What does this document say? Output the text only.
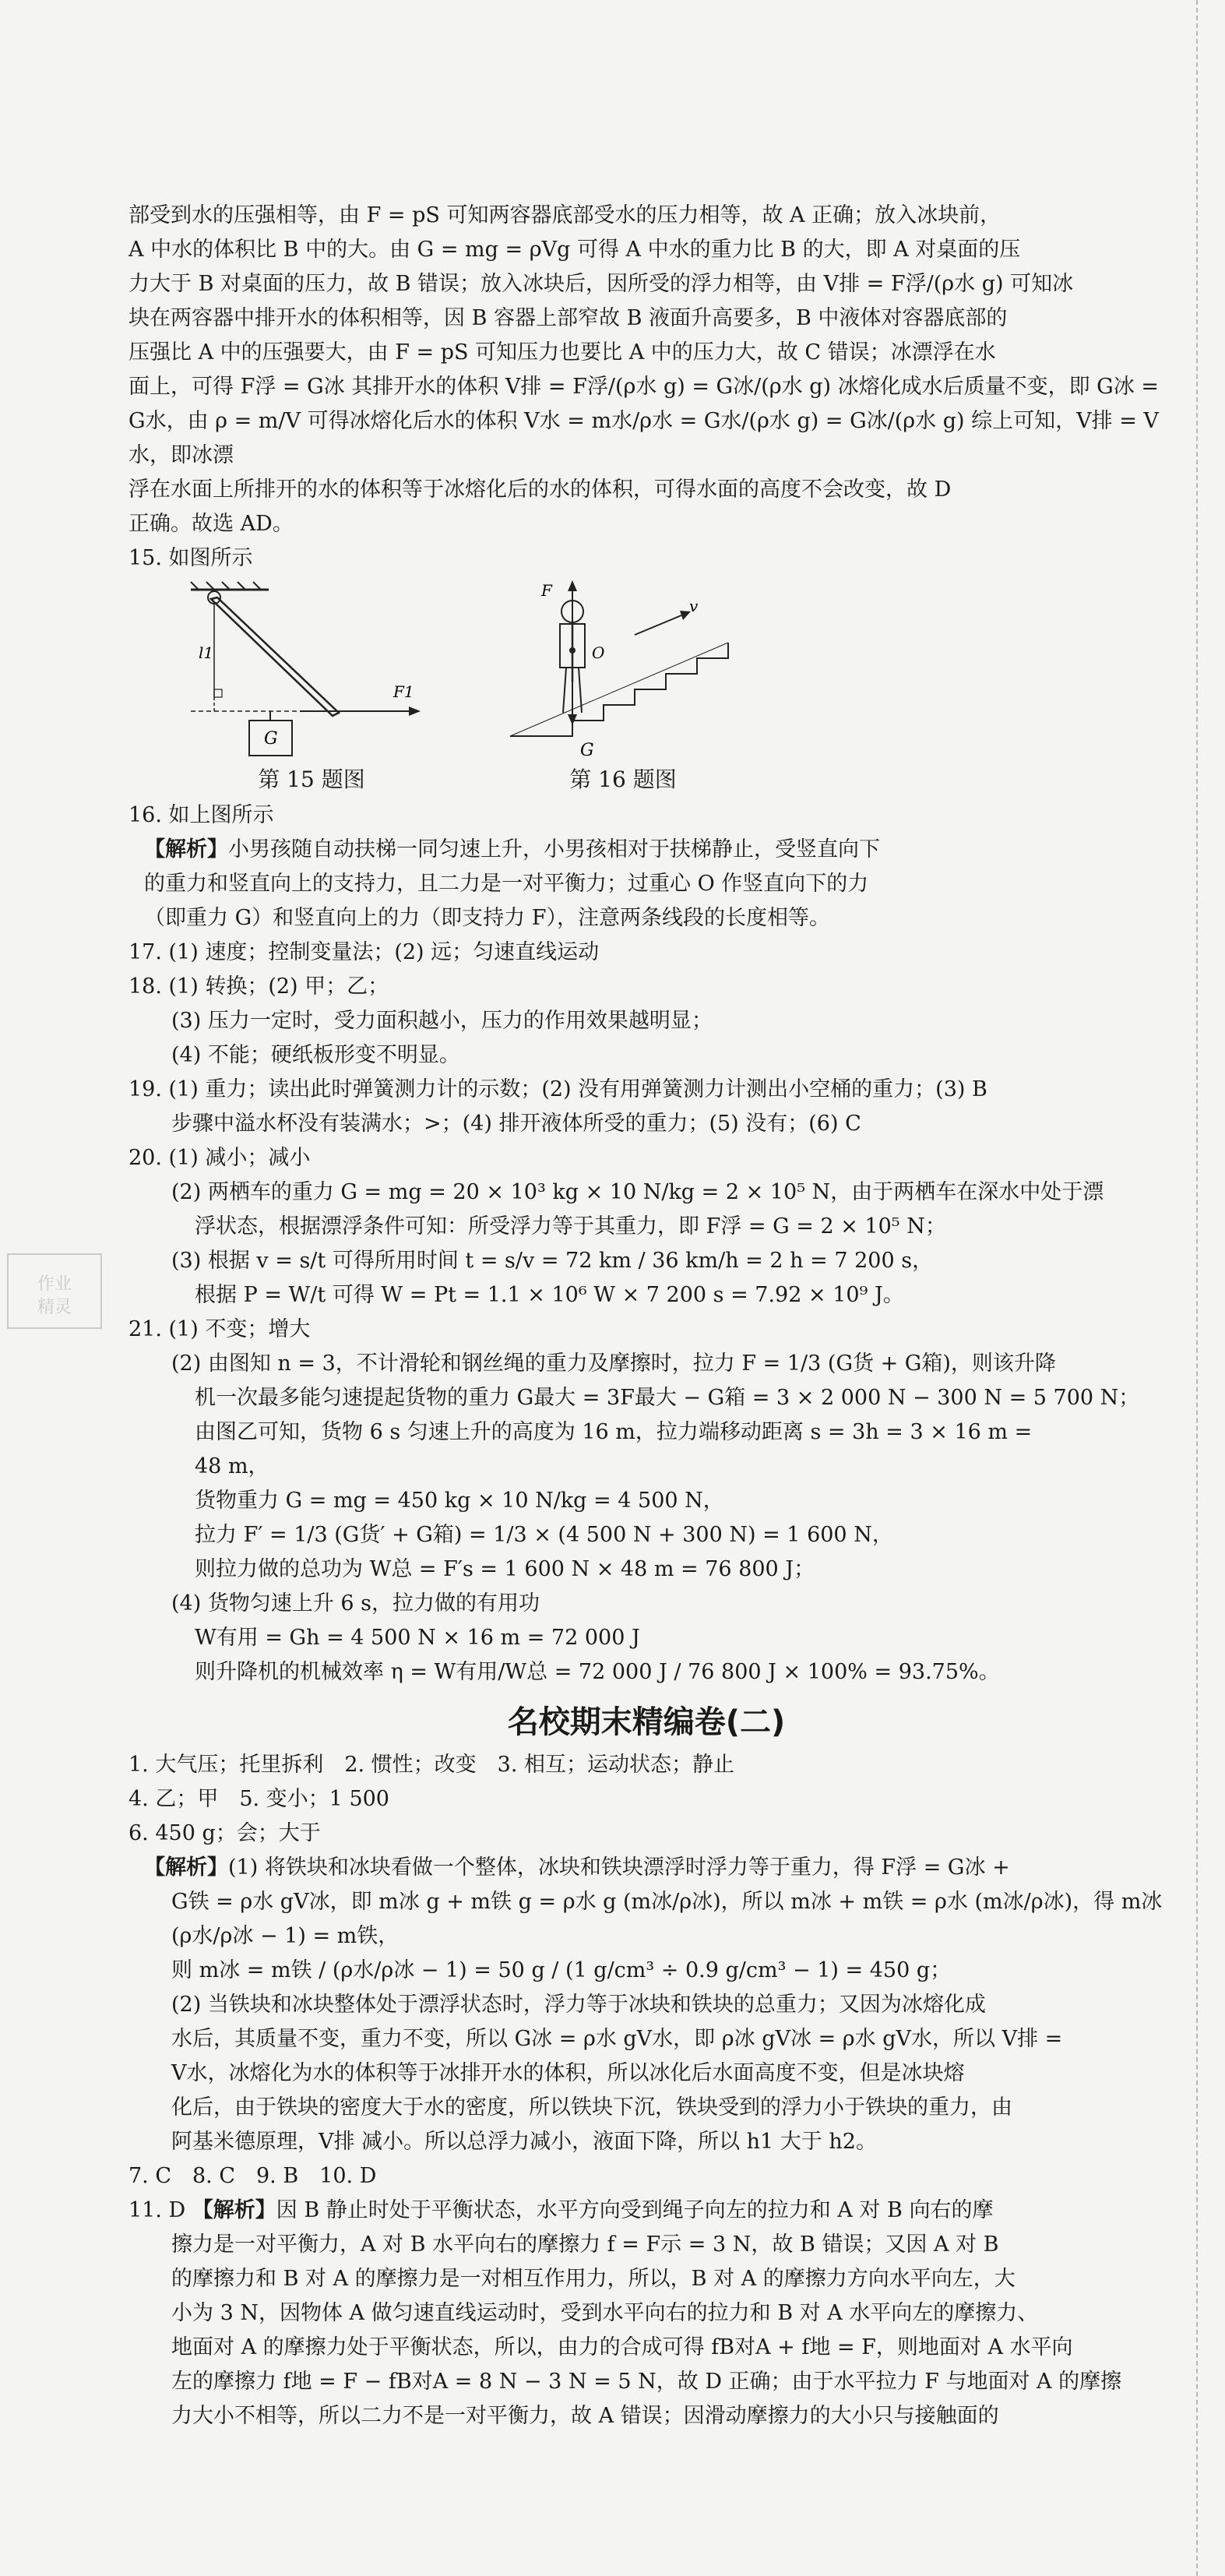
作业
精灵

部受到水的压强相等，由 F = pS 可知两容器底部受水的压力相等，故 A 正确；放入冰块前，

A 中水的体积比 B 中的大。由 G = mg = ρVg 可得 A 中水的重力比 B 的大，即 A 对桌面的压

力大于 B 对桌面的压力，故 B 错误；放入冰块后，因所受的浮力相等，由 V排 = F浮/(ρ水 g) 可知冰

块在两容器中排开水的体积相等，因 B 容器上部窄故 B 液面升高要多，B 中液体对容器底部的

压强比 A 中的压强要大，由 F = pS 可知压力也要比 A 中的压力大，故 C 错误；冰漂浮在水

面上，可得 F浮 = G冰 其排开水的体积 V排 = F浮/(ρ水 g) = G冰/(ρ水 g) 冰熔化成水后质量不变，即 G冰 =

G水，由 ρ = m/V 可得冰熔化后水的体积 V水 = m水/ρ水 = G水/(ρ水 g) = G冰/(ρ水 g) 综上可知，V排 = V水，即冰漂

浮在水面上所排开的水的体积等于冰熔化后的水的体积，可得水面的高度不会改变，故 D

正确。故选 AD。

15. 如图所示

l1
F1
G
第 15 题图
v
F
O
G
第 16 题图

16. 如上图所示

【解析】小男孩随自动扶梯一同匀速上升，小男孩相对于扶梯静止，受竖直向下

的重力和竖直向上的支持力，且二力是一对平衡力；过重心 O 作竖直向下的力

（即重力 G）和竖直向上的力（即支持力 F），注意两条线段的长度相等。

17. (1) 速度；控制变量法；(2) 远；匀速直线运动

18. (1) 转换；(2) 甲；乙；

(3) 压力一定时，受力面积越小，压力的作用效果越明显；

(4) 不能；硬纸板形变不明显。

19. (1) 重力；读出此时弹簧测力计的示数；(2) 没有用弹簧测力计测出小空桶的重力；(3) B

步骤中溢水杯没有装满水；>；(4) 排开液体所受的重力；(5) 没有；(6) C

20. (1) 减小；减小

(2) 两栖车的重力 G = mg = 20 × 10³ kg × 10 N/kg = 2 × 10⁵ N，由于两栖车在深水中处于漂

浮状态，根据漂浮条件可知：所受浮力等于其重力，即 F浮 = G = 2 × 10⁵ N；

(3) 根据 v = s/t 可得所用时间 t = s/v = 72 km / 36 km/h = 2 h = 7 200 s，

根据 P = W/t 可得 W = Pt = 1.1 × 10⁶ W × 7 200 s = 7.92 × 10⁹ J。

21. (1) 不变；增大

(2) 由图知 n = 3，不计滑轮和钢丝绳的重力及摩擦时，拉力 F = 1/3 (G货 + G箱)，则该升降

机一次最多能匀速提起货物的重力 G最大 = 3F最大 − G箱 = 3 × 2 000 N − 300 N = 5 700 N；

由图乙可知，货物 6 s 匀速上升的高度为 16 m，拉力端移动距离 s = 3h = 3 × 16 m =

48 m，

货物重力 G = mg = 450 kg × 10 N/kg = 4 500 N，

拉力 F′ = 1/3 (G货′ + G箱) = 1/3 × (4 500 N + 300 N) = 1 600 N，

则拉力做的总功为 W总 = F′s = 1 600 N × 48 m = 76 800 J；

(4) 货物匀速上升 6 s，拉力做的有用功

W有用 = Gh = 4 500 N × 16 m = 72 000 J

则升降机的机械效率 η = W有用/W总 = 72 000 J / 76 800 J × 100% = 93.75%。

名校期末精编卷(二)

1. 大气压；托里拆利　2. 惯性；改变　3. 相互；运动状态；静止

4. 乙；甲　5. 变小；1 500

6. 450 g；会；大于

【解析】(1) 将铁块和冰块看做一个整体，冰块和铁块漂浮时浮力等于重力，得 F浮 = G冰 +

G铁 = ρ水 gV冰，即 m冰 g + m铁 g = ρ水 g (m冰/ρ冰)，所以 m冰 + m铁 = ρ水 (m冰/ρ冰)，得 m冰(ρ水/ρ冰 − 1) = m铁，

则 m冰 = m铁 / (ρ水/ρ冰 − 1) = 50 g / (1 g/cm³ ÷ 0.9 g/cm³ − 1) = 450 g；

(2) 当铁块和冰块整体处于漂浮状态时，浮力等于冰块和铁块的总重力；又因为冰熔化成

水后，其质量不变，重力不变，所以 G冰 = ρ水 gV水，即 ρ冰 gV冰 = ρ水 gV水，所以 V排 =

V水，冰熔化为水的体积等于冰排开水的体积，所以冰化后水面高度不变，但是冰块熔

化后，由于铁块的密度大于水的密度，所以铁块下沉，铁块受到的浮力小于铁块的重力，由

阿基米德原理，V排 减小。所以总浮力减小，液面下降，所以 h1 大于 h2。

7. C　8. C　9. B　10. D

11. D 【解析】因 B 静止时处于平衡状态，水平方向受到绳子向左的拉力和 A 对 B 向右的摩

擦力是一对平衡力，A 对 B 水平向右的摩擦力 f = F示 = 3 N，故 B 错误；又因 A 对 B

的摩擦力和 B 对 A 的摩擦力是一对相互作用力，所以，B 对 A 的摩擦力方向水平向左，大

小为 3 N，因物体 A 做匀速直线运动时，受到水平向右的拉力和 B 对 A 水平向左的摩擦力、

地面对 A 的摩擦力处于平衡状态，所以，由力的合成可得 fB对A + f地 = F，则地面对 A 水平向

左的摩擦力 f地 = F − fB对A = 8 N − 3 N = 5 N，故 D 正确；由于水平拉力 F 与地面对 A 的摩擦

力大小不相等，所以二力不是一对平衡力，故 A 错误；因滑动摩擦力的大小只与接触面的
